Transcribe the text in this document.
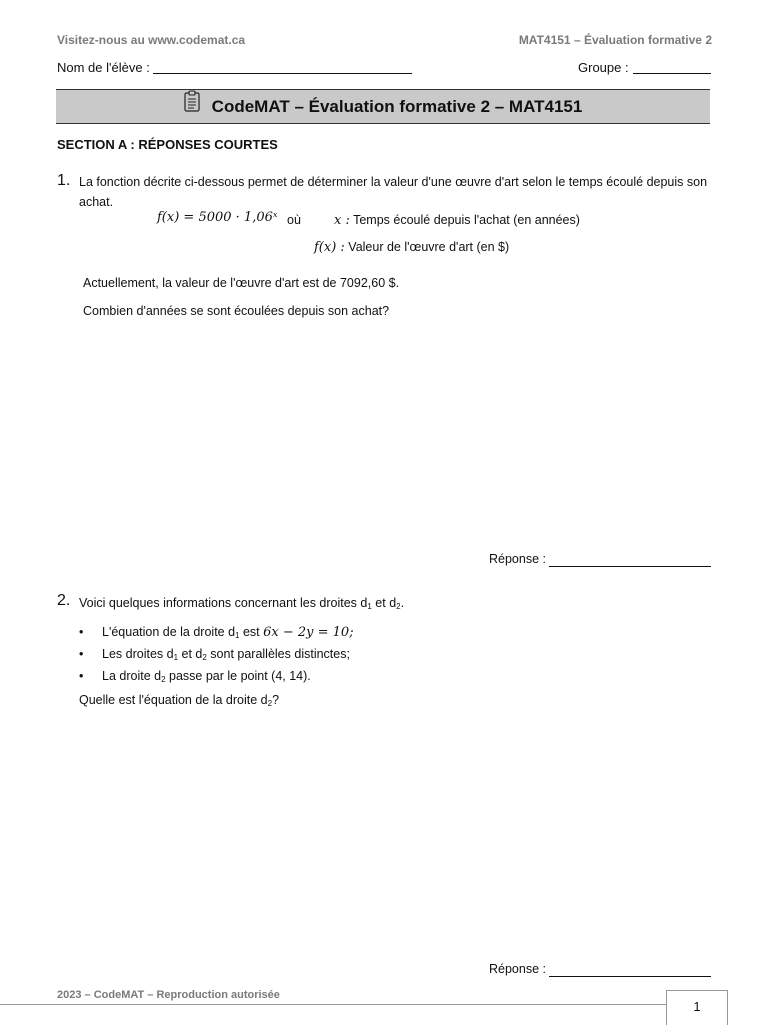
Visitez-nous au www.codemat.ca	MAT4151 – Évaluation formative 2
Nom de l'élève :	Groupe :
CodeMAT – Évaluation formative 2 – MAT4151
SECTION A : RÉPONSES COURTES
1. La fonction décrite ci-dessous permet de déterminer la valeur d'une œuvre d'art selon le temps écoulé depuis son achat.
f(x) = 5000 · 1,06ˣ où	x : Temps écoulé depuis l'achat (en années)
f(x) : Valeur de l'œuvre d'art (en $)
Actuellement, la valeur de l'œuvre d'art est de 7092,60 $.
Combien d'années se sont écoulées depuis son achat?
Réponse :
2. Voici quelques informations concernant les droites $d_1$ et $d_2$.
• L'équation de la droite $d_1$ est 6x − 2y = 10;
• Les droites $d_1$ et $d_2$ sont parallèles distinctes;
• La droite $d_2$ passe par le point (4, 14).
Quelle est l'équation de la droite $d_2$?
Réponse :
2023 – CodeMAT – Reproduction autorisée
1
